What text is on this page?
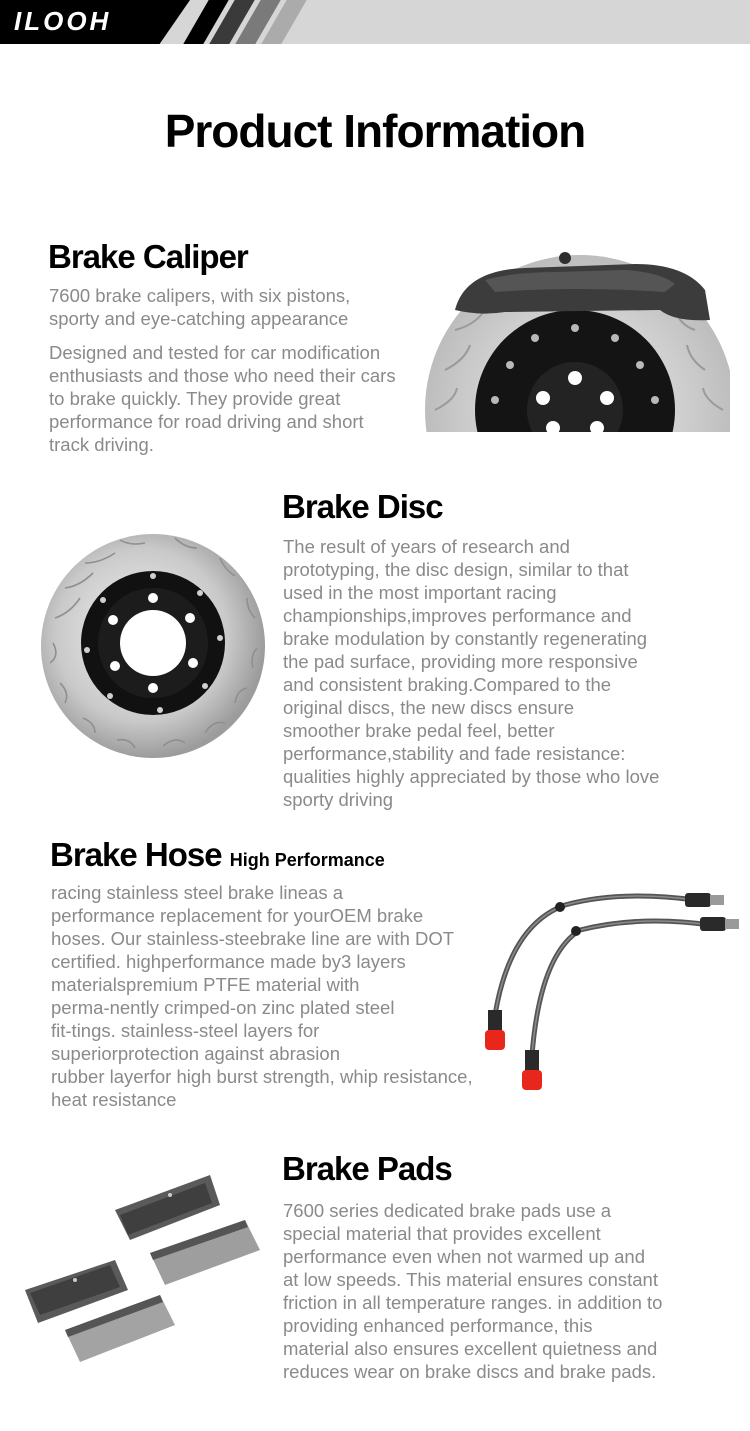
ILOOH
Product Information
Brake Caliper
7600 brake calipers, with six pistons,
sporty and eye-catching appearance
Designed and tested for car modification
enthusiasts and those who need their cars
to brake quickly. They provide great
performance for road driving and short
track driving.
Brake Disc
The result of years of research and
prototyping, the disc design, similar to that
used in the most important racing
championships,improves performance and
brake modulation by constantly regenerating
the pad surface, providing more responsive
and consistent braking.Compared to the
original discs, the new discs ensure
smoother brake pedal feel, better
performance,stability and fade resistance:
qualities highly appreciated by those who love
sporty driving
Brake Hose High Performance
racing stainless steel brake lineas a
performance replacement for yourOEM brake
hoses. Our stainless-steebrake line are with DOT
certified. highperformance made by3 layers
materialspremium PTFE material with
perma-nently crimped-on zinc plated steel
fit-tings. stainless-steel layers for
superiorprotection against abrasion
rubber layerfor high burst strength, whip resistance,
heat resistance
Brake Pads
7600 series dedicated brake pads use a
special material that provides excellent
performance even when not warmed up and
at low speeds. This material ensures constant
friction in all temperature ranges. in addition to
providing enhanced performance, this
material also ensures excellent quietness and
reduces wear on brake discs and brake pads.
